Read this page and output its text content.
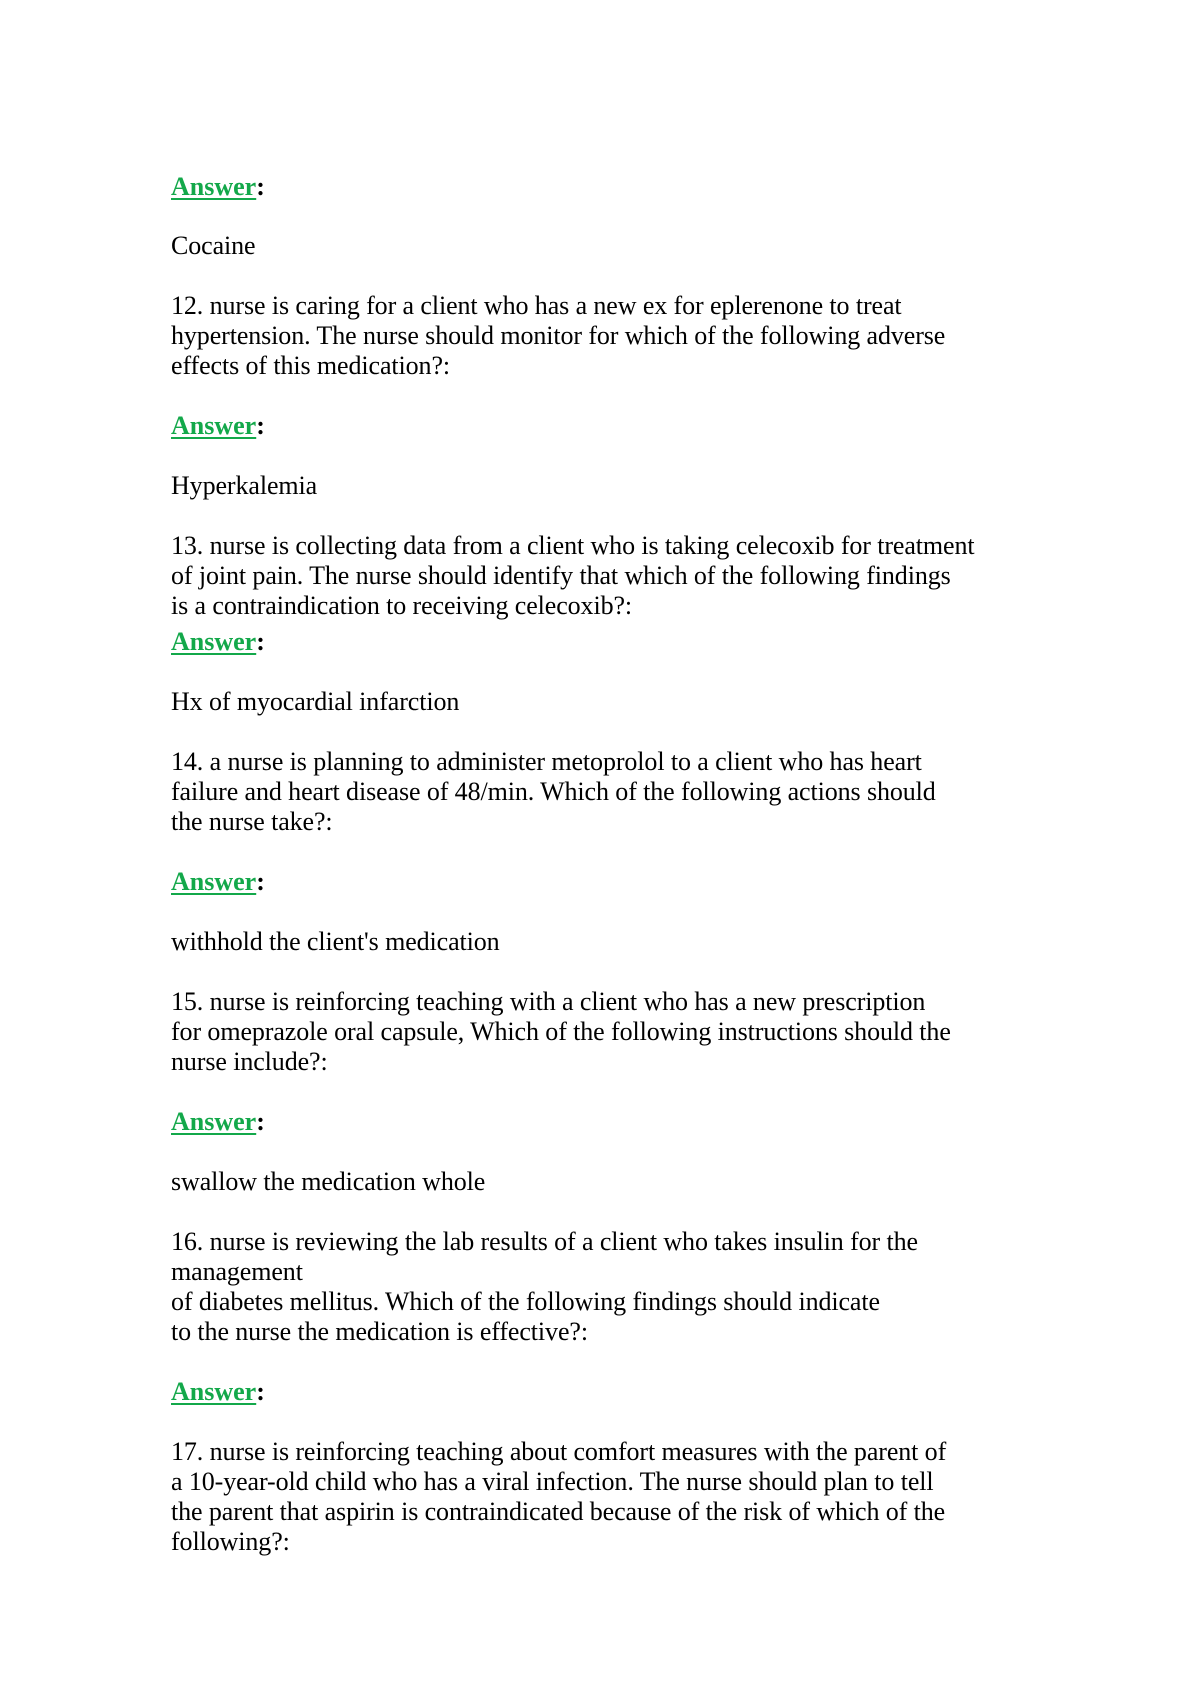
Answer:
Cocaine
12. nurse is caring for a client who has a new ex for eplerenone to treat
hypertension. The nurse should monitor for which of the following adverse
effects of this medication?:
Answer:
Hyperkalemia
13. nurse is collecting data from a client who is taking celecoxib for treatment
of joint pain. The nurse should identify that which of the following findings
is a contraindication to receiving celecoxib?:
Answer:
Hx of myocardial infarction
14. a nurse is planning to administer metoprolol to a client who has heart
failure and heart disease of 48/min. Which of the following actions should
the nurse take?:
Answer:
withhold the client's medication
15. nurse is reinforcing teaching with a client who has a new prescription
for omeprazole oral capsule, Which of the following instructions should the
nurse include?:
Answer:
swallow the medication whole
16. nurse is reviewing the lab results of a client who takes insulin for the
management
of diabetes mellitus. Which of the following findings should indicate
to the nurse the medication is effective?:
Answer:
17. nurse is reinforcing teaching about comfort measures with the parent of
a 10-year-old child who has a viral infection. The nurse should plan to tell
the parent that aspirin is contraindicated because of the risk of which of the
following?:
